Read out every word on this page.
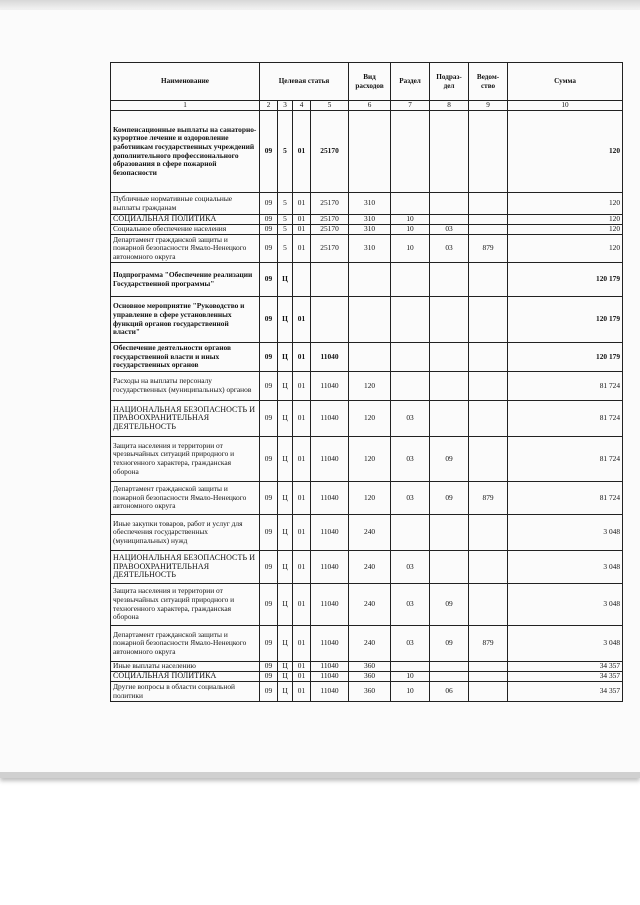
Наименование	Целевая статья				Вид расходов	Раздел	Подраз-дел	Ведом-ство	Сумма
1	2	3	4	5	6	7	8	9	10
Компенсационные выплаты на санаторно-курортное лечение и оздоровление работникам государственных учреждений дополнительного профессионального образования в сфере пожарной безопасности	09	5	01	25170					120
Публичные нормативные социальные выплаты гражданам	09	5	01	25170	310				120
СОЦИАЛЬНАЯ ПОЛИТИКА	09	5	01	25170	310	10			120
Социальное обеспечение населения	09	5	01	25170	310	10	03		120
Департамент гражданской защиты и пожарной безопасности Ямало-Ненецкого автономного округа	09	5	01	25170	310	10	03	879	120
Подпрограмма "Обеспечение реализации Государственной программы"	09	Ц							120 179
Основное мероприятие "Руководство и управление в сфере установленных функций органов государственной власти"	09	Ц	01						120 179
Обеспечение деятельности органов государственной власти и иных государственных органов	09	Ц	01	11040					120 179
Расходы на выплаты персоналу государственных (муниципальных) органов	09	Ц	01	11040	120				81 724
НАЦИОНАЛЬНАЯ БЕЗОПАСНОСТЬ И ПРАВООХРАНИТЕЛЬНАЯ ДЕЯТЕЛЬНОСТЬ	09	Ц	01	11040	120	03			81 724
Защита населения и территории от чрезвычайных ситуаций природного и техногенного характера, гражданская оборона	09	Ц	01	11040	120	03	09		81 724
Департамент гражданской защиты и пожарной безопасности Ямало-Ненецкого автономного округа	09	Ц	01	11040	120	03	09	879	81 724
Иные закупки товаров, работ и услуг для обеспечения государственных (муниципальных) нужд	09	Ц	01	11040	240				3 048
НАЦИОНАЛЬНАЯ БЕЗОПАСНОСТЬ И ПРАВООХРАНИТЕЛЬНАЯ ДЕЯТЕЛЬНОСТЬ	09	Ц	01	11040	240	03			3 048
Защита населения и территории от чрезвычайных ситуаций природного и техногенного характера, гражданская оборона	09	Ц	01	11040	240	03	09		3 048
Департамент гражданской защиты и пожарной безопасности Ямало-Ненецкого автономного округа	09	Ц	01	11040	240	03	09	879	3 048
Иные выплаты населению	09	Ц	01	11040	360				34 357
СОЦИАЛЬНАЯ ПОЛИТИКА	09	Ц	01	11040	360	10			34 357
Другие вопросы в области социальной политики	09	Ц	01	11040	360	10	06		34 357
